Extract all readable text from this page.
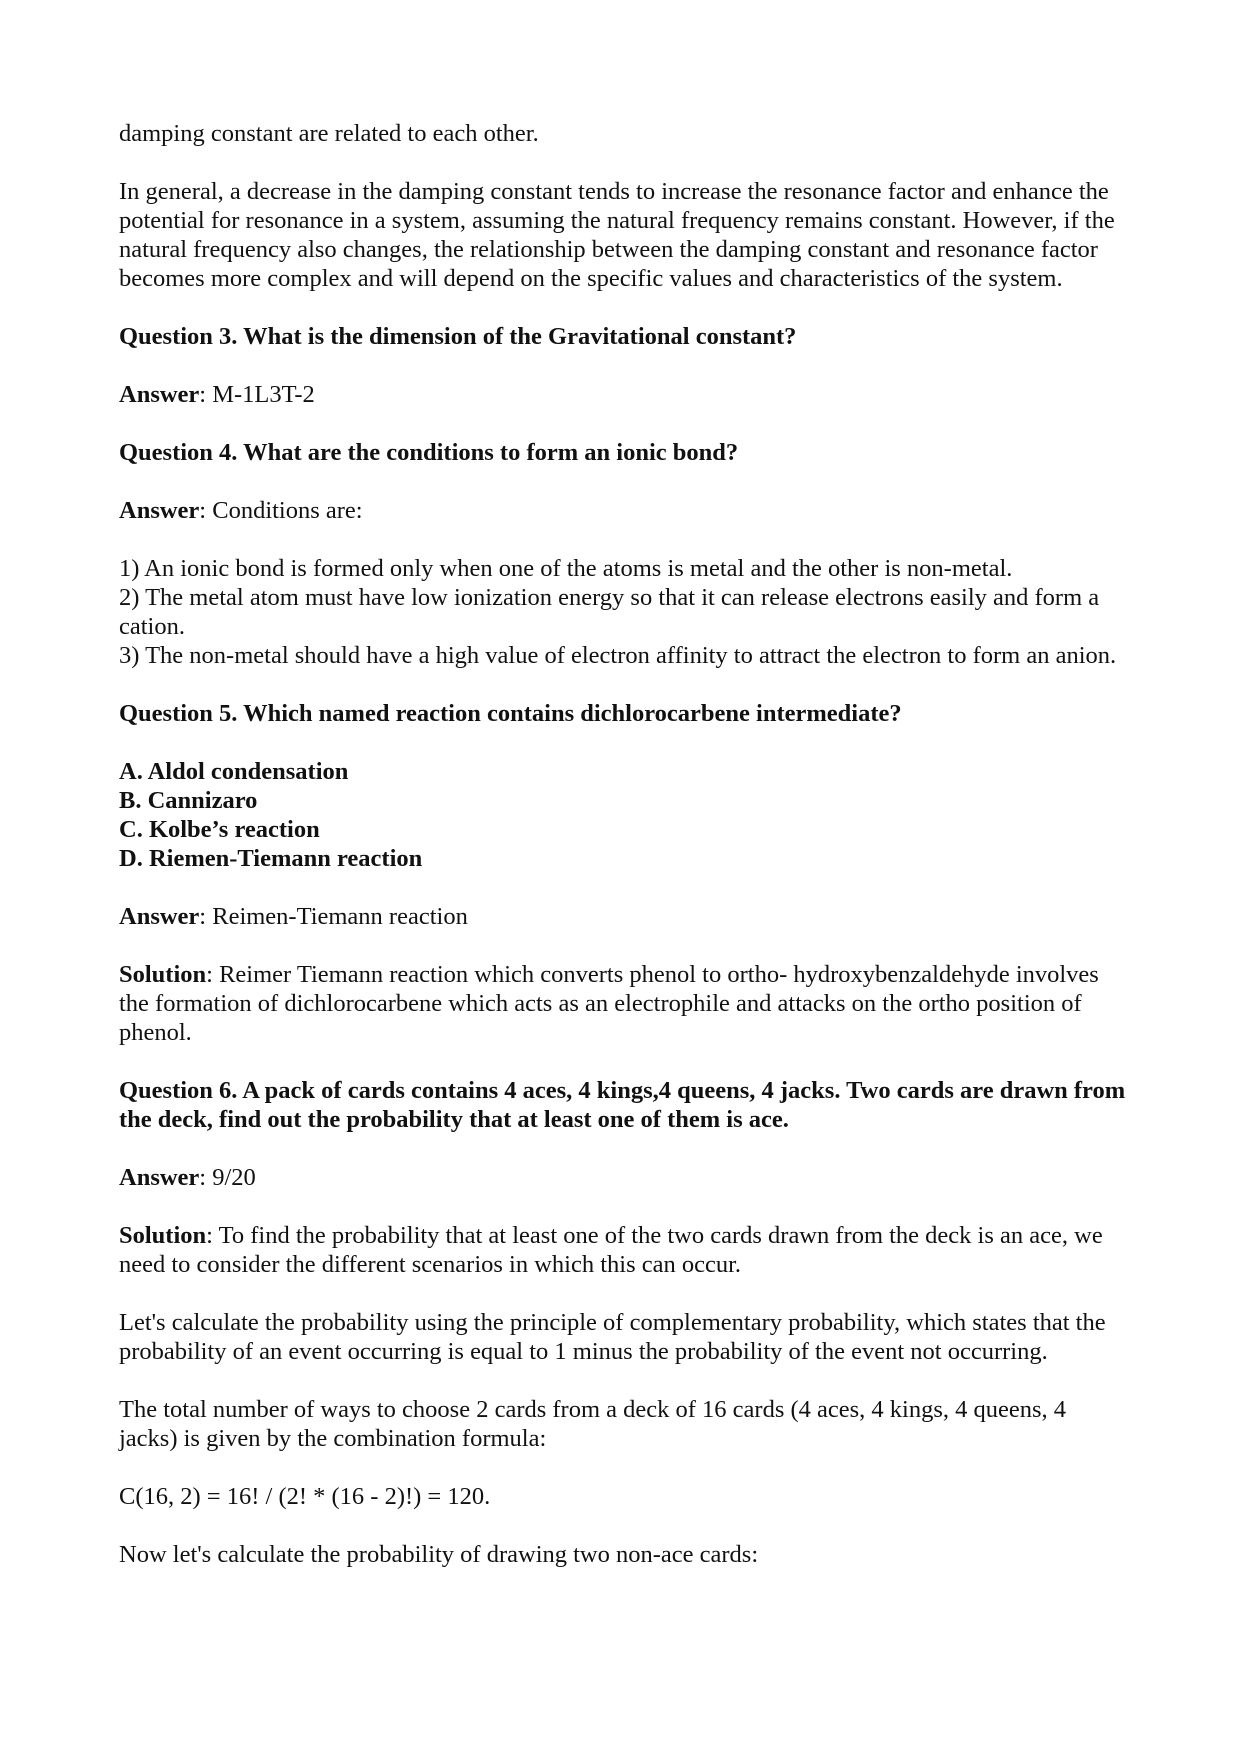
damping constant are related to each other.

In general, a decrease in the damping constant tends to increase the resonance factor and enhance the potential for resonance in a system, assuming the natural frequency remains constant. However, if the natural frequency also changes, the relationship between the damping constant and resonance factor becomes more complex and will depend on the specific values and characteristics of the system.

Question 3. What is the dimension of the Gravitational constant?

Answer: M-1L3T-2

Question 4. What are the conditions to form an ionic bond?

Answer: Conditions are:

1) An ionic bond is formed only when one of the atoms is metal and the other is non-metal.
2) The metal atom must have low ionization energy so that it can release electrons easily and form a cation.
3) The non-metal should have a high value of electron affinity to attract the electron to form an anion.

Question 5. Which named reaction contains dichlorocarbene intermediate?

A. Aldol condensation
B. Cannizaro
C. Kolbe’s reaction
D. Riemen-Tiemann reaction

Answer: Reimen-Tiemann reaction

Solution: Reimer Tiemann reaction which converts phenol to ortho- hydroxybenzaldehyde involves the formation of dichlorocarbene which acts as an electrophile and attacks on the ortho position of phenol.

Question 6. A pack of cards contains 4 aces, 4 kings,4 queens, 4 jacks. Two cards are drawn from the deck, find out the probability that at least one of them is ace.

Answer: 9/20

Solution: To find the probability that at least one of the two cards drawn from the deck is an ace, we need to consider the different scenarios in which this can occur.

Let's calculate the probability using the principle of complementary probability, which states that the probability of an event occurring is equal to 1 minus the probability of the event not occurring.

The total number of ways to choose 2 cards from a deck of 16 cards (4 aces, 4 kings, 4 queens, 4 jacks) is given by the combination formula:

C(16, 2) = 16! / (2! * (16 - 2)!) = 120.

Now let's calculate the probability of drawing two non-ace cards:
